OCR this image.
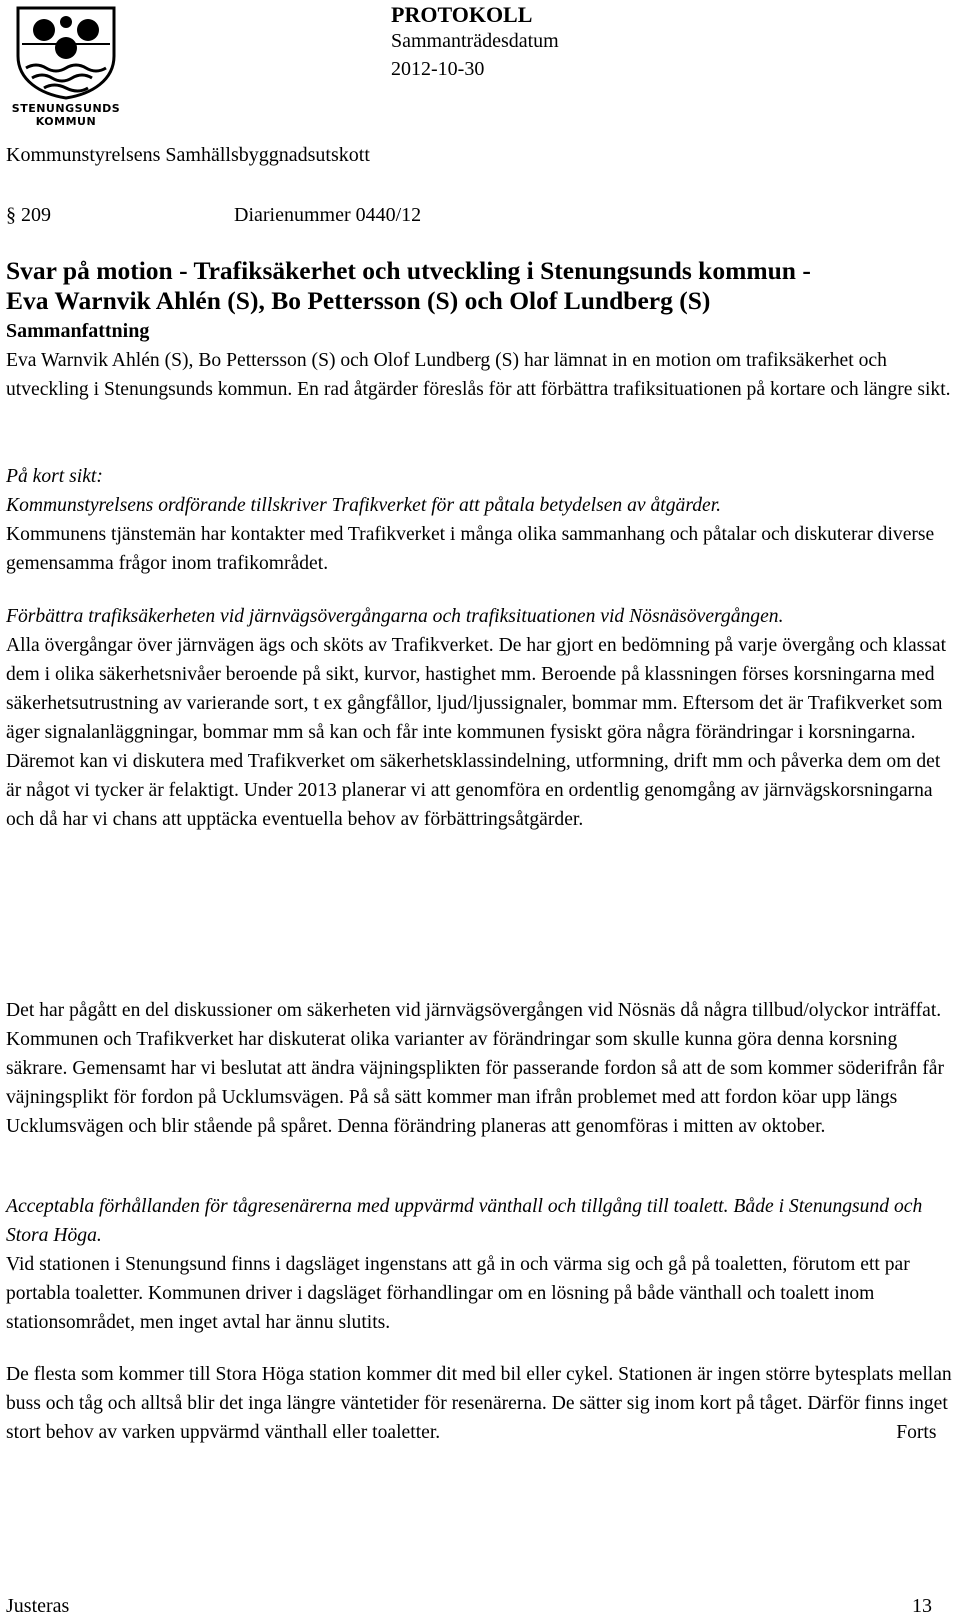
STENUNGSUNDS
KOMMUN
PROTOKOLL
Sammanträdesdatum
2012-10-30
Kommunstyrelsens Samhällsbyggnadsutskott
§ 209	Diarienummer 0440/12
Svar på motion - Trafiksäkerhet och utveckling i Stenungsunds kommun -
Eva Warnvik Ahlén (S), Bo Pettersson (S) och Olof Lundberg (S)

Sammanfattning

Eva Warnvik Ahlén (S), Bo Pettersson (S) och Olof Lundberg (S) har lämnat in en motion om trafiksäkerhet och utveckling i Stenungsunds kommun. En rad åtgärder föreslås för att förbättra trafiksituationen på kortare och längre sikt.

På kort sikt:

Kommunstyrelsens ordförande tillskriver Trafikverket för att påtala betydelsen av åtgärder.

Kommunens tjänstemän har kontakter med Trafikverket i många olika sammanhang och påtalar och diskuterar diverse gemensamma frågor inom trafikområdet.

Förbättra trafiksäkerheten vid järnvägsövergångarna och trafiksituationen vid Nösnäsövergången.

Alla övergångar över järnvägen ägs och sköts av Trafikverket. De har gjort en bedömning på varje övergång och klassat dem i olika säkerhetsnivåer beroende på sikt, kurvor, hastighet mm. Beroende på klassningen förses korsningarna med säkerhetsutrustning av varierande sort, t ex gångfållor, ljud/ljussignaler, bommar mm. Eftersom det är Trafikverket som äger signalanläggningar, bommar mm så kan och får inte kommunen fysiskt göra några förändringar i korsningarna. Däremot kan vi diskutera med Trafikverket om säkerhetsklassindelning, utformning, drift mm och påverka dem om det är något vi tycker är felaktigt. Under 2013 planerar vi att genomföra en ordentlig genomgång av järnvägskorsningarna och då har vi chans att upptäcka eventuella behov av förbättringsåtgärder.

Det har pågått en del diskussioner om säkerheten vid järnvägsövergången vid Nösnäs då några tillbud/olyckor inträffat. Kommunen och Trafikverket har diskuterat olika varianter av förändringar som skulle kunna göra denna korsning säkrare. Gemensamt har vi beslutat att ändra väjningsplikten för passerande fordon så att de som kommer söderifrån får väjningsplikt för fordon på Ucklumsvägen. På så sätt kommer man ifrån problemet med att fordon köar upp längs Ucklumsvägen och blir stående på spåret. Denna förändring planeras att genomföras i mitten av oktober.

Acceptabla förhållanden för tågresenärerna med uppvärmd vänthall och tillgång till toalett. Både i Stenungsund och Stora Höga.

Vid stationen i Stenungsund finns i dagsläget ingenstans att gå in och värma sig och gå på toaletten, förutom ett par portabla toaletter. Kommunen driver i dagsläget förhandlingar om en lösning på både vänthall och toalett inom stationsområdet, men inget avtal har ännu slutits.

De flesta som kommer till Stora Höga station kommer dit med bil eller cykel. Stationen är ingen större bytesplats mellan buss och tåg och alltså blir det inga längre väntetider för resenärerna. De sätter sig inom kort på tåget. Därför finns inget stort behov av varken uppvärmd vänthall eller toaletter.	Forts

Justeras	13
